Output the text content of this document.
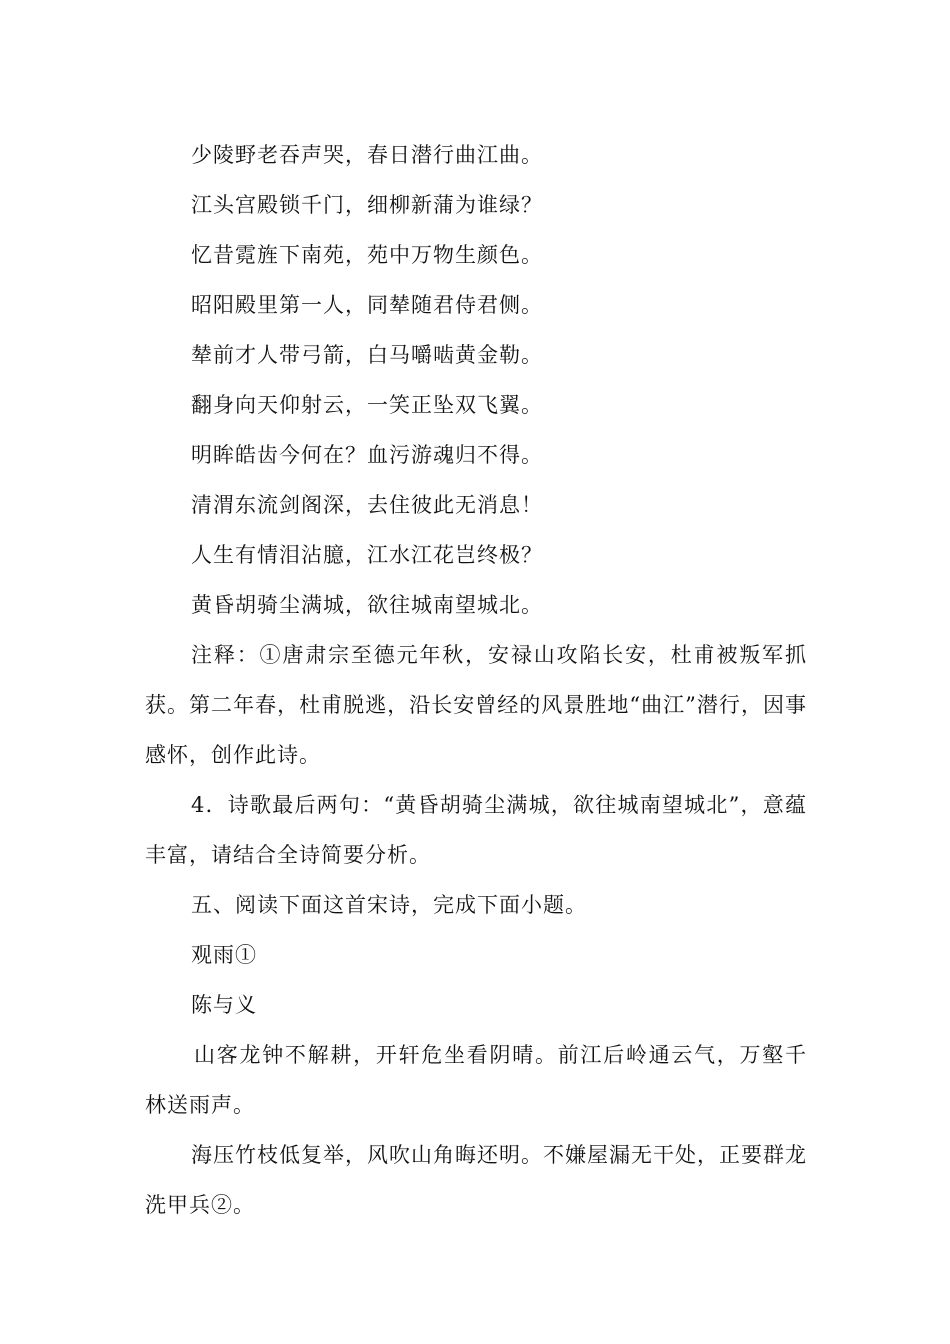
少陵野老吞声哭，春日潜行曲江曲。
江头宫殿锁千门，细柳新蒲为谁绿？
忆昔霓旌下南苑，苑中万物生颜色。
昭阳殿里第一人，同辇随君侍君侧。
辇前才人带弓箭，白马嚼啮黄金勒。
翻身向天仰射云，一笑正坠双飞翼。
明眸皓齿今何在？血污游魂归不得。
清渭东流剑阁深，去住彼此无消息！
人生有情泪沾臆，江水江花岂终极？
黄昏胡骑尘满城，欲往城南望城北。

注释：①唐肃宗至德元年秋，安禄山攻陷长安，杜甫被叛军抓获。第二年春，杜甫脱逃，沿长安曾经的风景胜地“曲江”潜行，因事感怀，创作此诗。

4．诗歌最后两句：“黄昏胡骑尘满城，欲往城南望城北”，意蕴丰富，请结合全诗简要分析。

五、阅读下面这首宋诗，完成下面小题。

观雨①
陈与义

山客龙钟不解耕，开轩危坐看阴晴。前江后岭通云气，万壑千林送雨声。

海压竹枝低复举，风吹山角晦还明。不嫌屋漏无干处，正要群龙洗甲兵②。
